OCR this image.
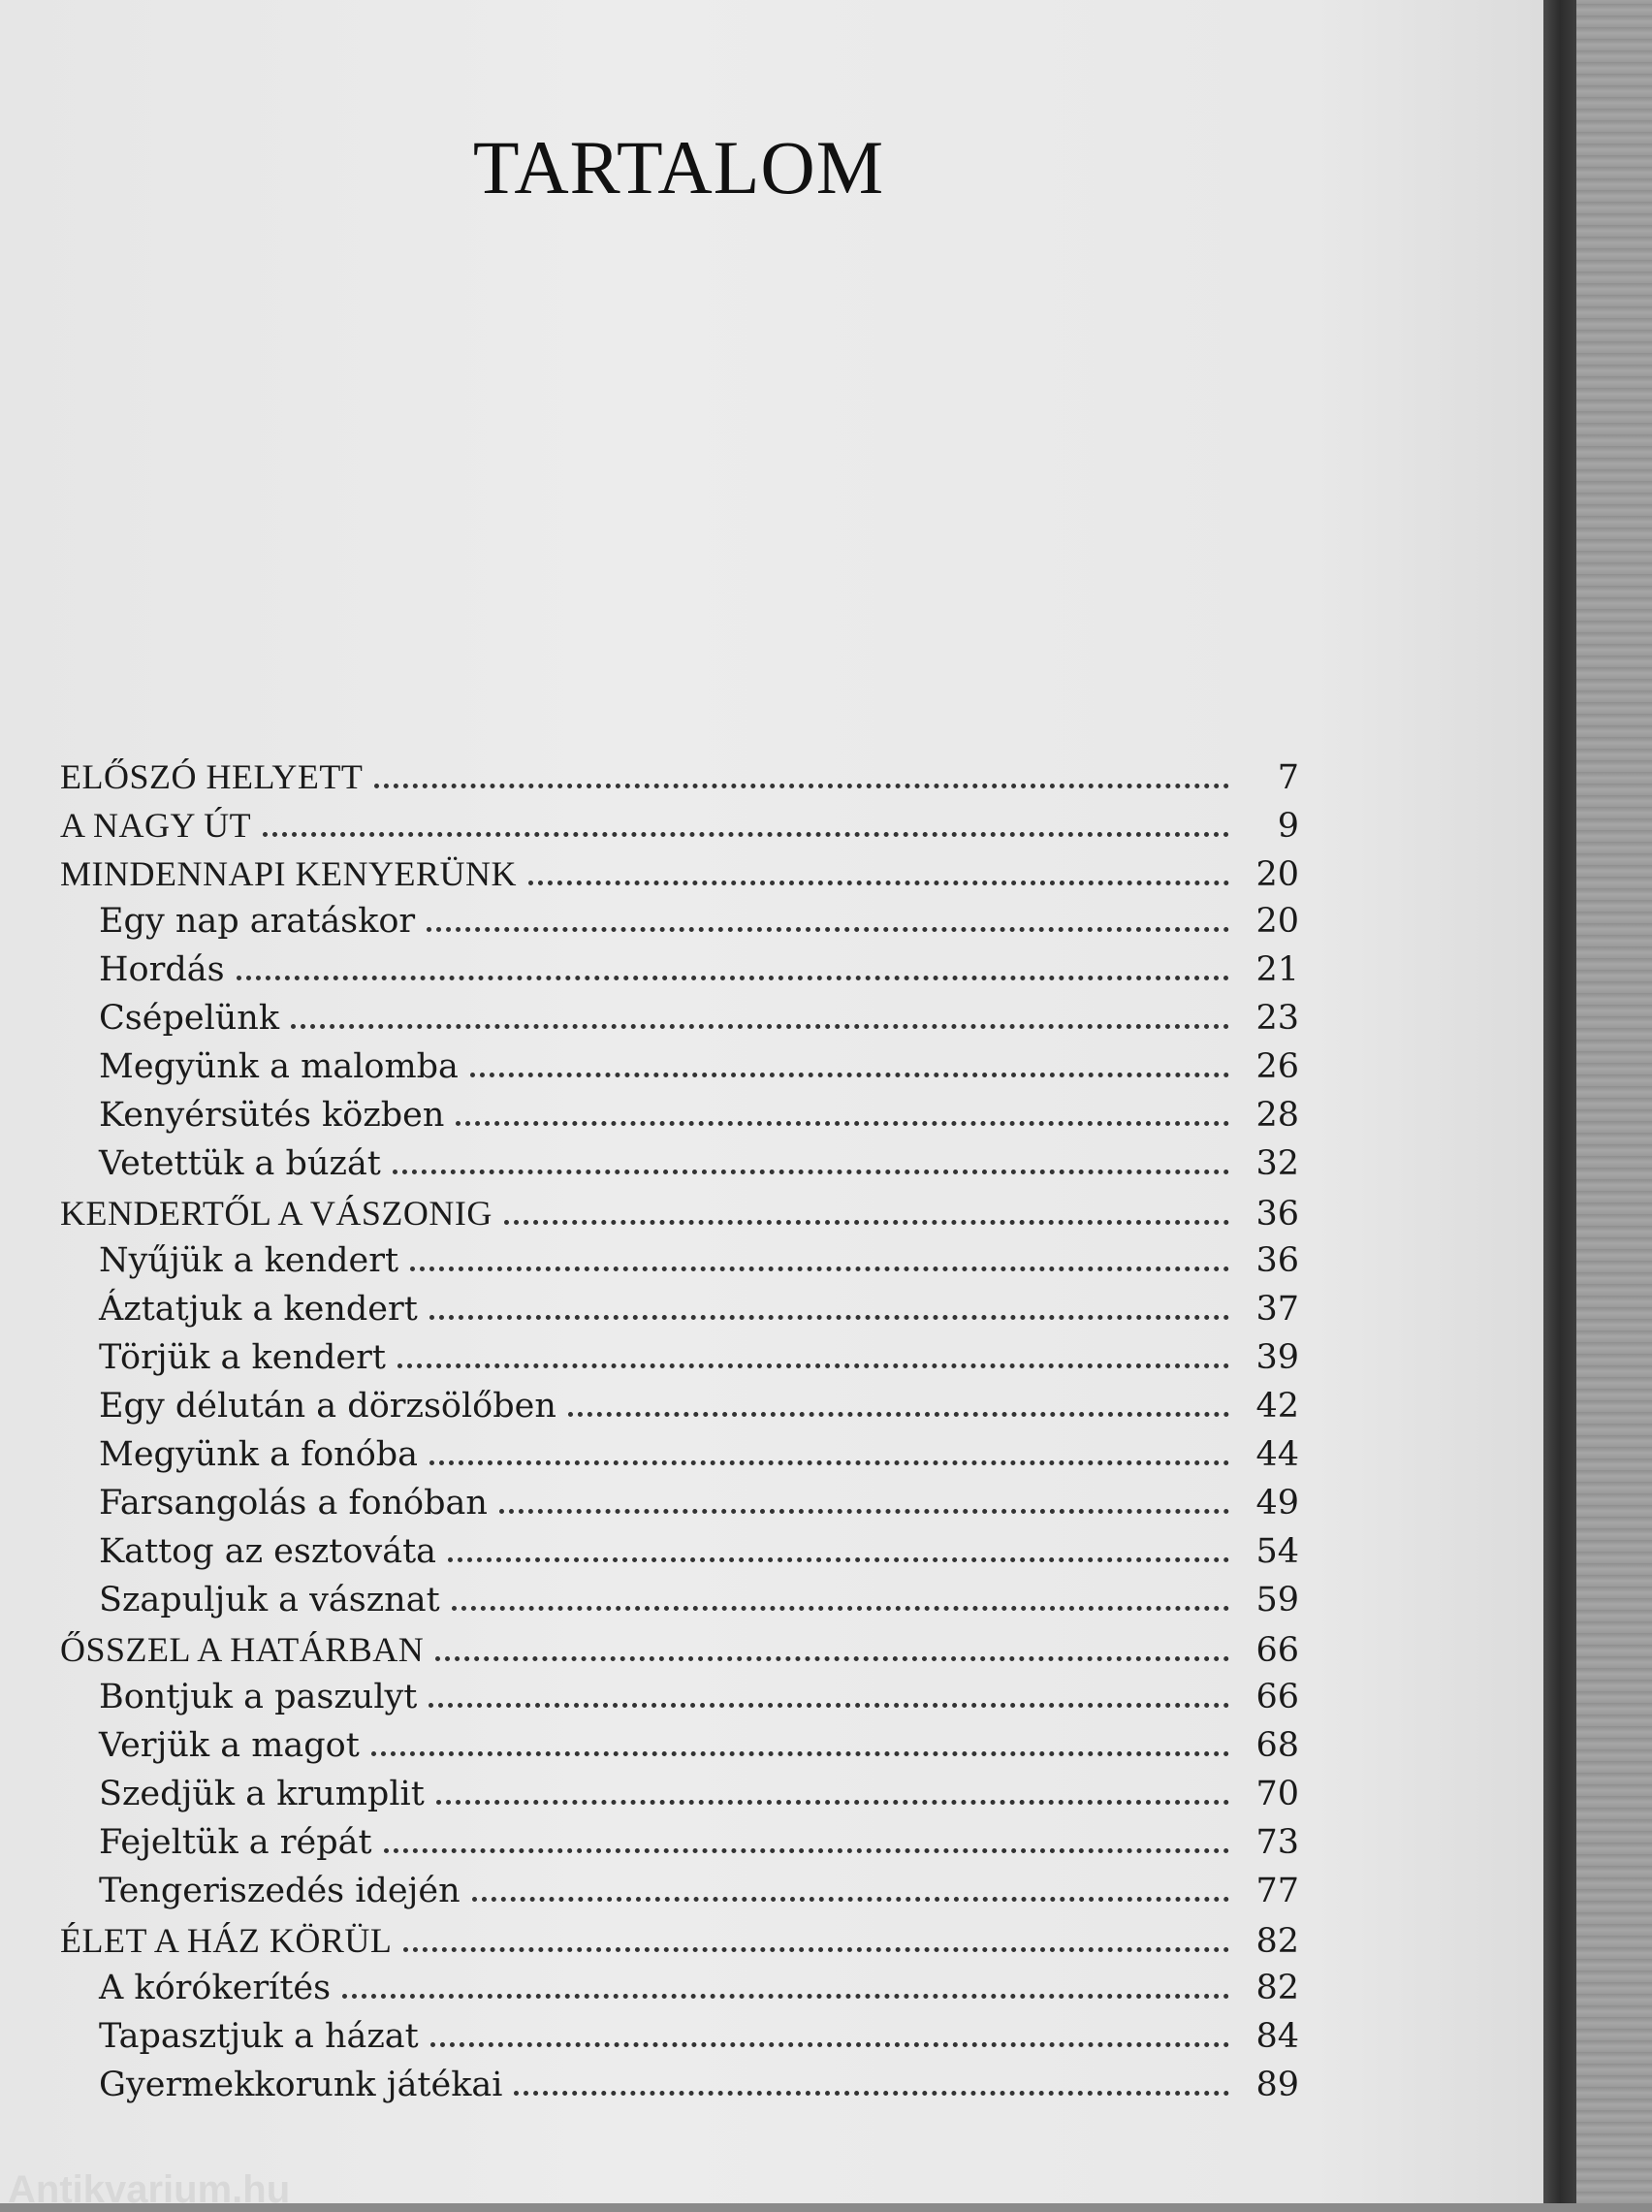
TARTALOM
ELŐSZÓ HELYETT	7
A NAGY ÚT	9
MINDENNAPI KENYERÜNK	20
Egy nap aratáskor	20
Hordás	21
Csépelünk	23
Megyünk a malomba	26
Kenyérsütés közben	28
Vetettük a búzát	32
KENDERTŐL A VÁSZONIG	36
Nyűjük a kendert	36
Áztatjuk a kendert	37
Törjük a kendert	39
Egy délután a dörzsölőben	42
Megyünk a fonóba	44
Farsangolás a fonóban	49
Kattog az esztováta	54
Szapuljuk a vásznat	59
ŐSSZEL A HATÁRBAN	66
Bontjuk a paszulyt	66
Verjük a magot	68
Szedjük a krumplit	70
Fejeltük a répát	73
Tengeriszedés idején	77
ÉLET A HÁZ KÖRÜL	82
A kórókerítés	82
Tapasztjuk a házat	84
Gyermekkorunk játékai	89
Antikvarium.hu
